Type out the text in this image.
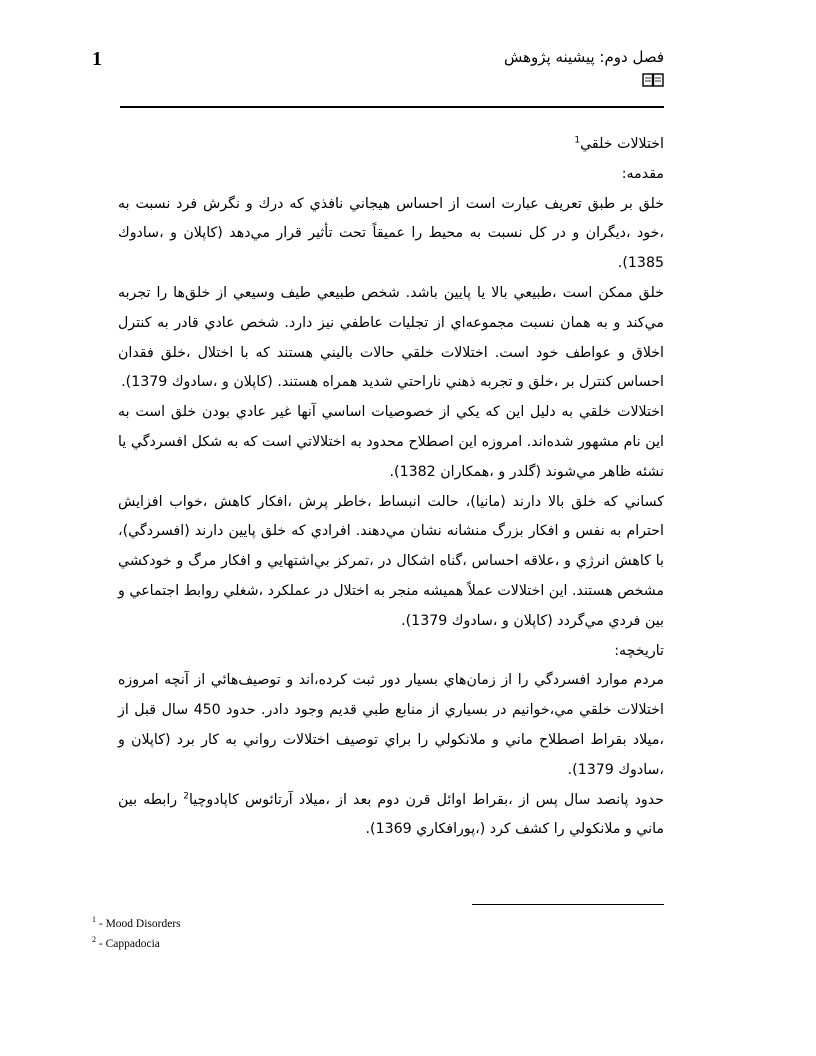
1	فصل دوم: پيشينه پژوهش

اختلالات خلقي$^1$

مقدمه:

خلق بر طبق تعريف عبارت است از احساس هيجاني نافذي كه درك و نگرش فرد نسبت به ،خود ،ديگران و در كل نسبت به محيط را عميقاً تحت تأثير قرار مي‌دهد (كاپلان و ،سادوك 1385).

خلق ممكن است ،طبيعي بالا يا پايين باشد. شخص طبيعي طيف وسيعي از خلق‌ها را تجربه مي‌كند و به همان نسبت مجموعه‌اي از تجليات عاطفي نيز دارد. شخص عادي قادر به كنترل اخلاق و عواطف خود است. اختلالات خلقي حالات باليني هستند كه با اختلال ،خلق فقدان احساس كنترل بر ،خلق و تجربه ذهني ناراحتي شديد همراه هستند. (كاپلان و ،سادوك 1379).

اختلالات خلقي به دليل اين كه يكي از خصوصيات اساسي آنها غير عادي بودن خلق است به اين نام مشهور شده‌اند. امروزه اين اصطلاح محدود به اختلالاتي است كه به شكل افسردگي يا نشئه ظاهر مي‌شوند (گلدر و ،همكاران 1382).

كساني كه خلق بالا دارند (مانيا)، حالت انبساط ،خاطر پرش ،افكار كاهش ،خواب افزايش احترام به نفس و افكار بزرگ منشانه نشان مي‌دهند. افرادي كه خلق پايين دارند (افسردگي)، با كاهش انرژي و ،علاقه احساس ،گناه اشكال در ،تمركز بي‌اشتهايي و افكار مرگ و خودكشي مشخص هستند. اين اختلالات عملاً هميشه منجر به اختلال در عملكرد ،شغلي روابط اجتماعي و بين فردي مي‌گردد (كاپلان و ،سادوك 1379).

تاريخچه:

مردم موارد افسردگي را از زمان‌هاي بسيار دور ثبت كرده،اند و توصيف‌هائي از آنچه امروزه اختلالات خلقي مي،خوانيم در بسياري از منابع طبي قديم وجود دادر. حدود 450 سال قبل از ،ميلاد بقراط اصطلاح ماني و ملانكولي را براي توصيف اختلالات رواني به كار برد (كاپلان و ،سادوك 1379).

حدود پانصد سال پس از ،بقراط اوائل قرن دوم بعد از ،ميلاد آرتائوس كاپادوچيا$^2$ رابطه بين ماني و ملانكولي را كشف كرد (،پورافكاري 1369).

$^1$ - Mood Disorders
$^2$ - Cappadocia
